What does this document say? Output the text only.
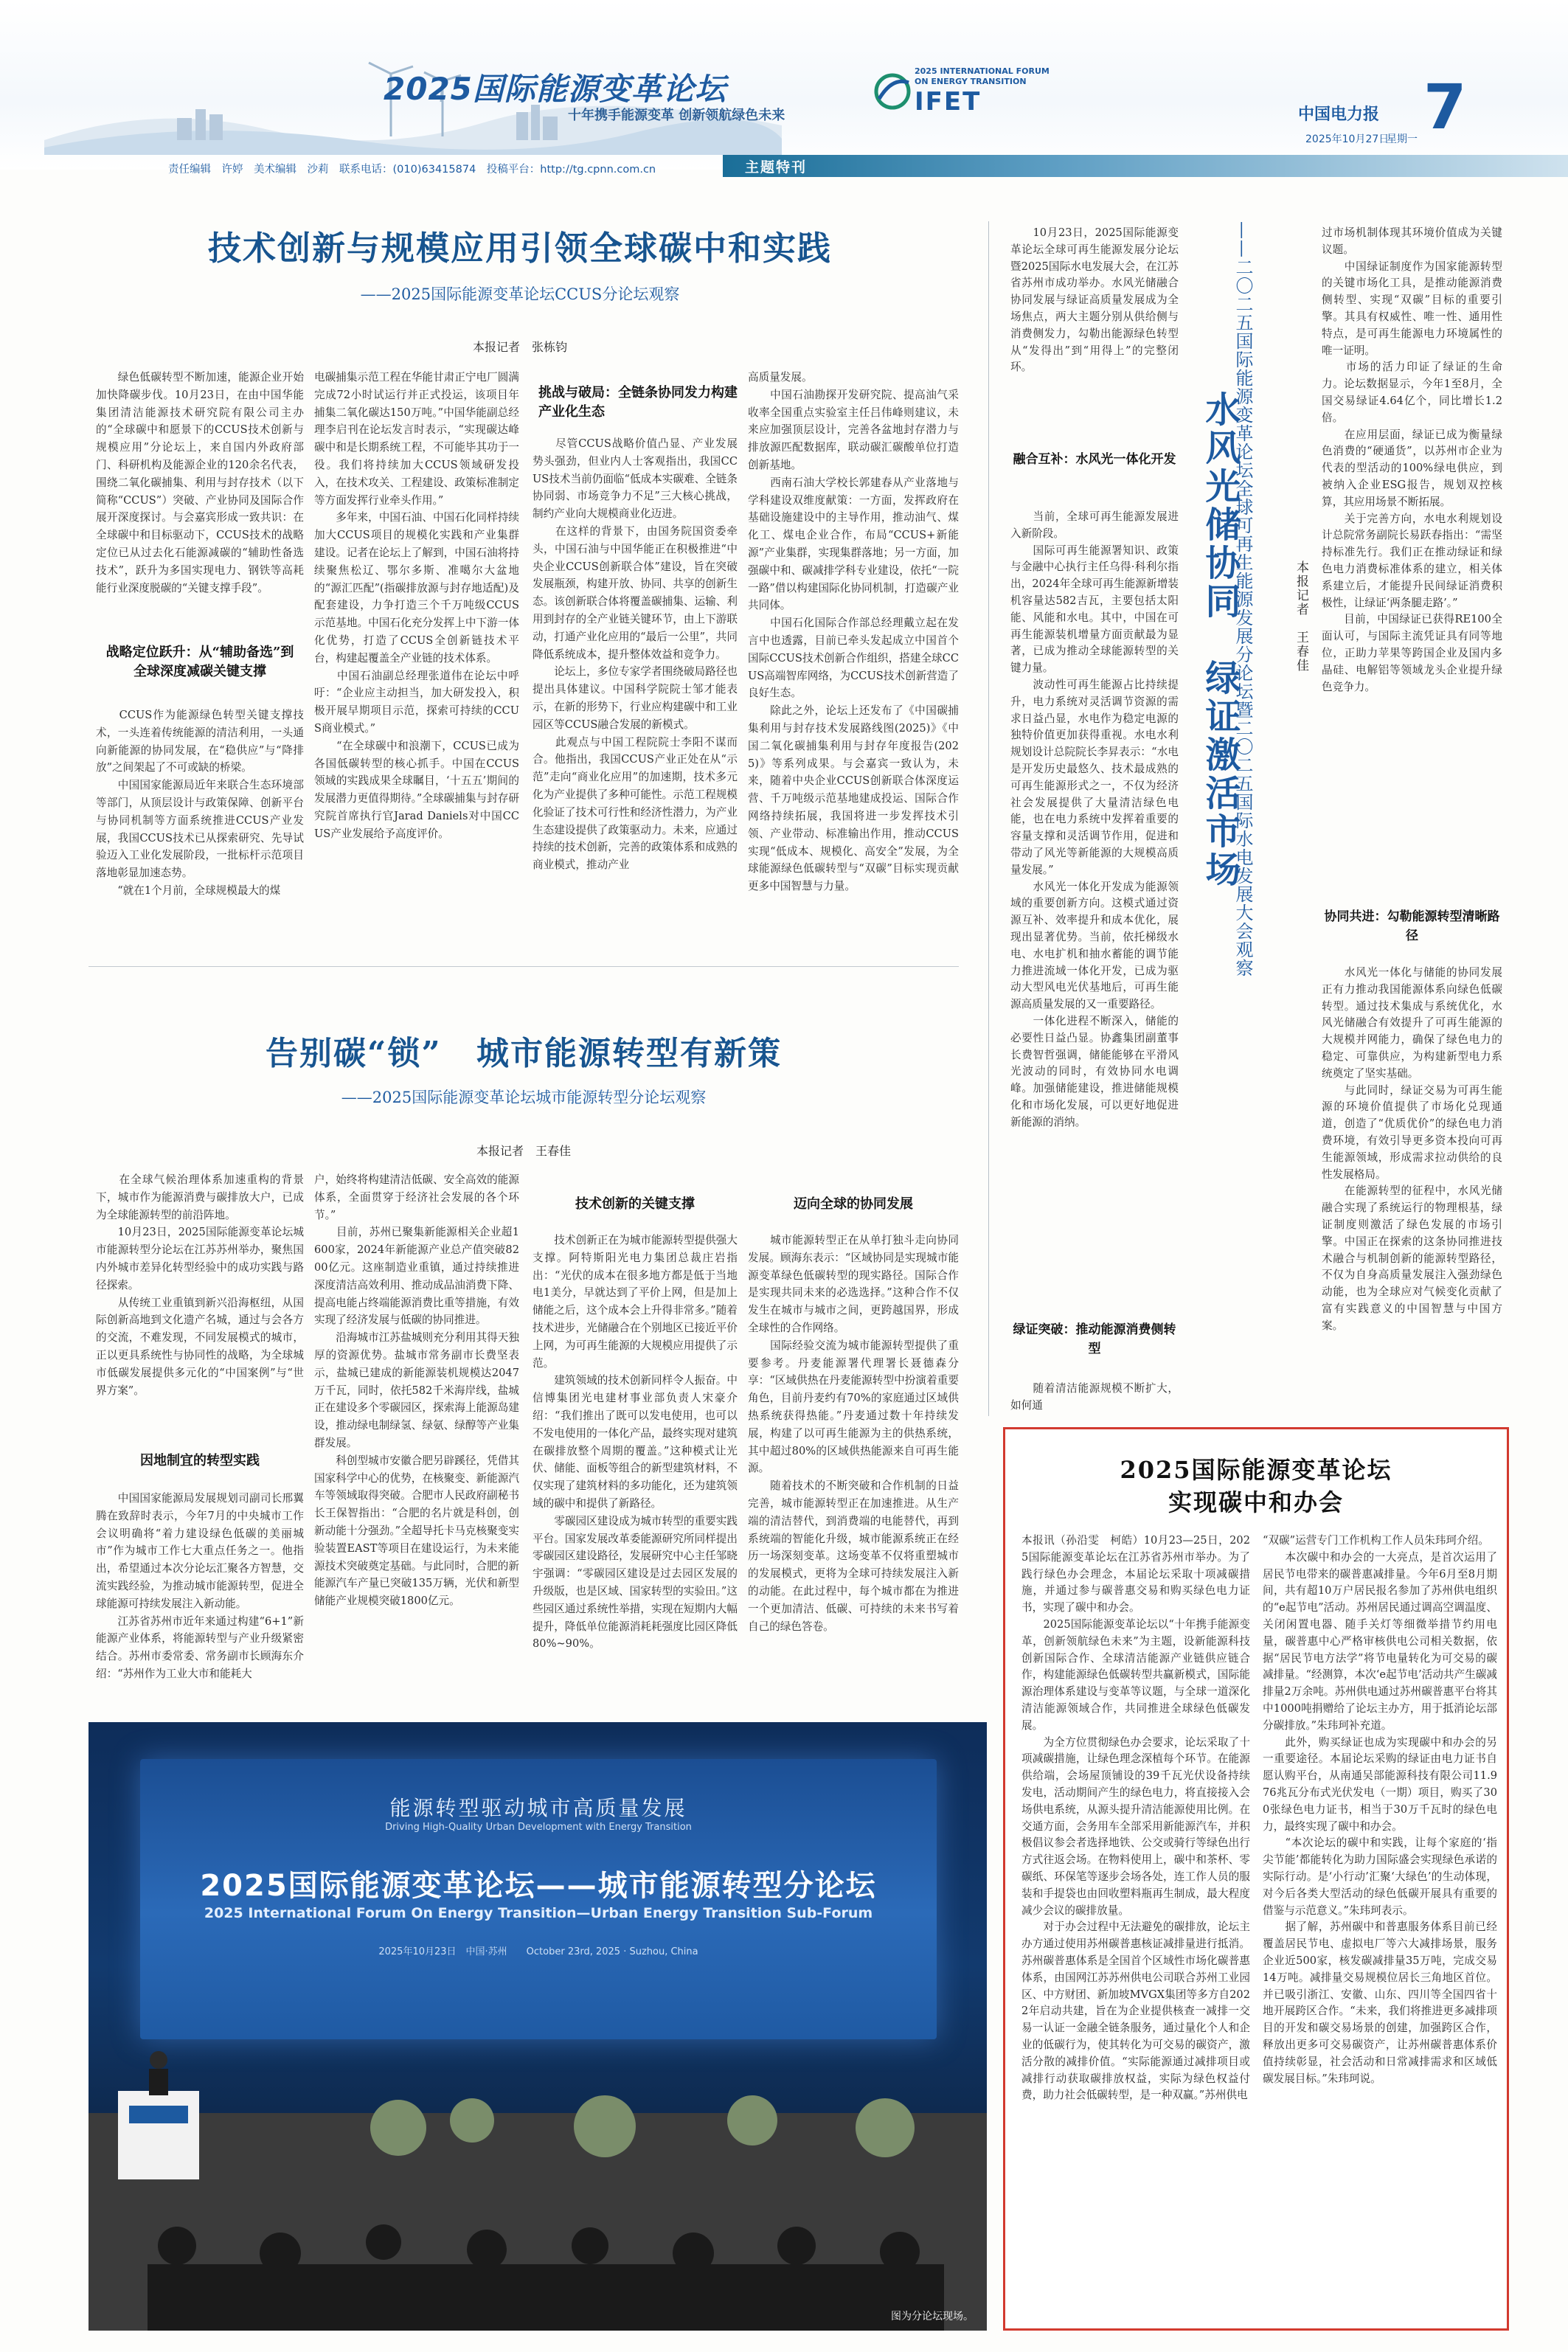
2025国际能源变革论坛
十年携手能源变革 创新领航绿色未来
2025 INTERNATIONAL FORUM
ON ENERGY TRANSITION
IFET	中国电力报 7
2025年10月27日
星期一
责任编辑　许婷　美术编辑　沙莉　联系电话：(010)63415874　投稿平台：http://tg.cpnn.com.cn	主题特刊
技术创新与规模应用引领全球碳中和实践
——2025国际能源变革论坛CCUS分论坛观察
本报记者　张栋钧
　　绿色低碳转型不断加速，能源企业开始加快降碳步伐。10月23日，在由中国华能集团清洁能源技术研究院有限公司主办的“全球碳中和愿景下的CCUS技术创新与规模应用”分论坛上，来自国内外政府部门、科研机构及能源企业的120余名代表，围绕二氧化碳捕集、利用与封存技术（以下简称“CCUS”）突破、产业协同及国际合作展开深度探讨。与会嘉宾形成一致共识：在全球碳中和目标驱动下，CCUS技术的战略定位已从过去化石能源减碳的“辅助性备选技术”，跃升为多国实现电力、钢铁等高耗能行业深度脱碳的“关键支撑手段”。
战略定位跃升：从“辅助备选”到全球深度减碳关键支撑
　　CCUS作为能源绿色转型关键支撑技术，一头连着传统能源的清洁利用，一头通向新能源的协同发展，在“稳供应”与“降排放”之间架起了不可或缺的桥梁。
　　中国国家能源局近年来联合生态环境部等部门，从顶层设计与政策保障、创新平台与协同机制等方面系统推进CCUS产业发展，我国CCUS技术已从探索研究、先导试验迈入工业化发展阶段，一批标杆示范项目落地彰显加速态势。
　　“就在1个月前，全球规模最大的煤
电碳捕集示范工程在华能甘肃正宁电厂圆满完成72小时试运行并正式投运，该项目年捕集二氧化碳达150万吨。”中国华能副总经理李启刊在论坛发言时表示，“实现碳达峰碳中和是长期系统工程，不可能毕其功于一役。我们将持续加大CCUS领域研发投入，在技术攻关、工程建设、政策标准制定等方面发挥行业牵头作用。”
　　多年来，中国石油、中国石化同样持续加大CCUS项目的规模化实践和产业集群建设。记者在论坛上了解到，中国石油将持续聚焦松辽、鄂尔多斯、准噶尔大盆地的“源汇匹配”(指碳排放源与封存地适配)及配套建设，力争打造三个千万吨级CCUS示范基地。中国石化充分发挥上中下游一体化优势，打造了CCUS全创新链技术平台，构建起覆盖全产业链的技术体系。
　　中国石油副总经理张道伟在论坛中呼吁：“企业应主动担当，加大研发投入，积极开展早期项目示范，探索可持续的CCUS商业模式。”
　　“在全球碳中和浪潮下，CCUS已成为各国低碳转型的核心抓手。中国在CCUS领域的实践成果全球瞩目，‘十五五’期间的发展潜力更值得期待。”全球碳捕集与封存研究院首席执行官Jarad Daniels对中国CCUS产业发展给予高度评价。
挑战与破局：全链条协同发力构建产业化生态
　　尽管CCUS战略价值凸显、产业发展势头强劲，但业内人士客观指出，我国CCUS技术当前仍面临“低成本实碳难、全链条协同弱、市场竞争力不足”三大核心挑战，制约产业向大规模商业化迈进。
　　在这样的背景下，由国务院国资委牵头，中国石油与中国华能正在积极推进“中央企业CCUS创新联合体”建设，旨在突破发展瓶颈，构建开放、协同、共享的创新生态。该创新联合体将覆盖碳捕集、运输、利用到封存的全产业链关键环节，由上下游联动，打通产业化应用的“最后一公里”，共同降低系统成本，提升整体效益和竞争力。
　　论坛上，多位专家学者围绕破局路径也提出具体建议。中国科学院院士邹才能表示，在新的形势下，行业应构建碳中和工业园区等CCUS融合发展的新模式。
　　此观点与中国工程院院士李阳不谋而合。他指出，我国CCUS产业正处在从“示范”走向“商业化应用”的加速期，技术多元化为产业提供了多种可能性。示范工程规模化验证了技术可行性和经济性潜力，为产业生态建设提供了政策驱动力。未来，应通过持续的技术创新，完善的政策体系和成熟的商业模式，推动产业
高质量发展。
　　中国石油勘探开发研究院、提高油气采收率全国重点实验室主任吕伟峰则建议，未来应加强顶层设计，完善各盆地封存潜力与排放源匹配数据库，联动碳汇碳酸单位打造创新基地。
　　西南石油大学校长郭建春从产业落地与学科建设双维度献策：一方面，发挥政府在基础设施建设中的主导作用，推动油气、煤化工、煤电企业合作，布局“CCUS+新能源”产业集群，实现集群落地；另一方面，加强碳中和、碳减排学科专业建设，依托“一院一路”借以构建国际化协同机制，打造碳产业共同体。
　　中国石化国际合作部总经理戴立起在发言中也透露，目前已牵头发起成立中国首个国际CCUS技术创新合作组织，搭建全球CCUS高端智库网络，为CCUS技术创新营造了良好生态。
　　除此之外，论坛上还发布了《中国碳捕集利用与封存技术发展路线图(2025)》《中国二氧化碳捕集利用与封存年度报告(2025)》等系列成果。与会嘉宾一致认为，未来，随着中央企业CCUS创新联合体深度运营、千万吨级示范基地建成投运、国际合作网络持续拓展，我国将进一步发挥技术引领、产业带动、标准输出作用，推动CCUS实现“低成本、规模化、高安全”发展，为全球能源绿色低碳转型与“双碳”目标实现贡献更多中国智慧与力量。
　　10月23日，2025国际能源变革论坛全球可再生能源发展分论坛暨2025国际水电发展大会，在江苏省苏州市成功举办。水风光储融合协同发展与绿证高质量发展成为全场焦点，两大主题分别从供给侧与消费侧发力，勾勒出能源绿色转型从“发得出”到“用得上”的完整闭环。
融合互补：水风光一体化开发
　　当前，全球可再生能源发展进入新阶段。
　　国际可再生能源署知识、政策与金融中心执行主任乌得·科利尔指出，2024年全球可再生能源新增装机容量达582吉瓦，主要包括太阳能、风能和水电。其中，中国在可再生能源装机增量方面贡献最为显著，已成为推动全球能源转型的关键力量。
　　波动性可再生能源占比持续提升，电力系统对灵活调节资源的需求日益凸显，水电作为稳定电源的独特价值更加获得重视。水电水利规划设计总院院长李昇表示：“水电是开发历史最悠久、技术最成熟的可再生能源形式之一，不仅为经济社会发展提供了大量清洁绿色电能，也在电力系统中发挥着重要的容量支撑和灵活调节作用，促进和带动了风光等新能源的大规模高质量发展。”
　　水风光一体化开发成为能源领域的重要创新方向。这模式通过资源互补、效率提升和成本优化，展现出显著优势。当前，依托梯级水电、水电扩机和抽水蓄能的调节能力推进流域一体化开发，已成为驱动大型风电光伏基地后，可再生能源高质量发展的又一重要路径。
　　一体化进程不断深入，储能的必要性日益凸显。协鑫集团副董事长费智哲强调，储能能够在平滑风光波动的同时，有效协同水电调峰。加强储能建设，推进储能规模化和市场化发展，可以更好地促进新能源的消纳。
绿证突破：推动能源消费侧转型
　　随着清洁能源规模不断扩大，如何通
——二〇二五国际能源变革论坛全球可再生能源发展分论坛暨二〇二五国际水电发展大会观察
水风光储协同　绿证激活市场	本报记者　王春佳
过市场机制体现其环境价值成为关键议题。
　　中国绿证制度作为国家能源转型的关键市场化工具，是推动能源消费侧转型、实现“双碳”目标的重要引擎。其具有权威性、唯一性、通用性特点，是可再生能源电力环境属性的唯一证明。
　　市场的活力印证了绿证的生命力。论坛数据显示，今年1至8月，全国交易绿证4.64亿个，同比增长1.2倍。
　　在应用层面，绿证已成为衡量绿色消费的“硬通货”，以苏州市企业为代表的型活动的100%绿电供应，到被纳入企业ESG报告，规划双控核算，其应用场景不断拓展。
　　关于完善方向，水电水利规划设计总院常务副院长易跃春指出：“需坚持标准先行。我们正在推动绿证和绿色电力消费标准体系的建立，相关体系建立后，才能提升民间绿证消费积极性，让绿证‘两条腿走路’。”
　　目前，中国绿证已获得RE100全面认可，与国际主流凭证具有同等地位，正助力苹果等跨国企业及国内多晶硅、电解铝等领域龙头企业提升绿色竞争力。
协同共进：勾勒能源转型清晰路径
　　水风光一体化与储能的协同发展正有力推动我国能源体系向绿色低碳转型。通过技术集成与系统优化，水风光储融合有效提升了可再生能源的大规模并网能力，确保了绿色电力的稳定、可靠供应，为构建新型电力系统奠定了坚实基础。
　　与此同时，绿证交易为可再生能源的环境价值提供了市场化兑现通道，创造了“优质优价”的绿色电力消费环境，有效引导更多资本投向可再生能源领域，形成需求拉动供给的良性发展格局。
　　在能源转型的征程中，水风光储融合实现了系统运行的物理根基，绿证制度则激活了绿色发展的市场引擎。中国正在探索的这条协同推进技术融合与机制创新的能源转型路径，不仅为自身高质量发展注入强劲绿色动能，也为全球应对气候变化贡献了富有实践意义的中国智慧与中国方案。
告别碳“锁” 城市能源转型有新策
——2025国际能源变革论坛城市能源转型分论坛观察
本报记者　王春佳
　　在全球气候治理体系加速重构的背景下，城市作为能源消费与碳排放大户，已成为全球能源转型的前沿阵地。
　　10月23日，2025国际能源变革论坛城市能源转型分论坛在江苏苏州举办，聚焦国内外城市差异化转型经验中的成功实践与路径探索。
　　从传统工业重镇到新兴沿海枢纽，从国际创新高地到文化遗产名城，通过与会各方的交流，不难发现，不同发展模式的城市，正以更具系统性与协同性的战略，为全球城市低碳发展提供多元化的“中国案例”与“世界方案”。
因地制宜的转型实践
　　中国国家能源局发展规划司副司长邢翼腾在致辞时表示，今年7月的中央城市工作会议明确将“着力建设绿色低碳的美丽城市”作为城市工作七大重点任务之一。他指出，希望通过本次分论坛汇聚各方智慧，交流实践经验，为推动城市能源转型，促进全球能源可持续发展注入新动能。
　　江苏省苏州市近年来通过构建“6+1”新能源产业体系，将能源转型与产业升级紧密结合。苏州市委常委、常务副市长顾海东介绍：“苏州作为工业大市和能耗大
户，始终将构建清洁低碳、安全高效的能源体系，全面贯穿于经济社会发展的各个环节。”
　　目前，苏州已聚集新能源相关企业超1600家，2024年新能源产业总产值突破8200亿元。这座制造业重镇，通过持续推进深度清洁高效利用、推动成品油消费下降、提高电能占终端能源消费比重等措施，有效实现了经济发展与低碳的协同推进。
　　沿海城市江苏盐城则充分利用其得天独厚的资源优势。盐城市常务副市长费坚表示，盐城已建成的新能源装机规模达2047万千瓦，同时，依托582千米海岸线，盐城正在建设多个零碳园区，探索海上能源岛建设，推动绿电制绿氢、绿氨、绿醇等产业集群发展。
　　科创型城市安徽合肥另辟蹊径，凭借其国家科学中心的优势，在核聚变、新能源汽车等领域取得突破。合肥市人民政府副秘书长王保智指出：“合肥的名片就是科创，创新动能十分强劲。”全超导托卡马克核聚变实验装置EAST等项目在建设运行，为未来能源技术突破奠定基础。与此同时，合肥的新能源汽车产量已突破135万辆，光伏和新型储能产业规模突破1800亿元。
技术创新的关键支撑
　　技术创新正在为城市能源转型提供强大支撑。阿特斯阳光电力集团总裁庄岩指出：“光伏的成本在很多地方都是低于当地电1美分，早就达到了平价上网，但是加上储能之后，这个成本会上升得非常多。”随着技术进步，光储融合在个别地区已接近平价上网，为可再生能源的大规模应用提供了示范。
　　建筑领域的技术创新同样令人振奋。中信博集团光电建材事业部负责人宋豪介绍：“我们推出了既可以发电使用，也可以不发电使用的一体化产品，最终实现对建筑在碳排放整个周期的覆盖。”这种模式让光伏、储能、面板等组合的新型建筑材料，不仅实现了建筑材料的多功能化，还为建筑领域的碳中和提供了新路径。
　　零碳园区建设成为城市转型的重要实践平台。国家发展改革委能源研究所同样提出零碳园区建设路径，发展研究中心主任邹晓宇强调：“零碳园区建设是过去园区发展的升级版，也是区域、国家转型的实验田。”这些园区通过系统性举措，实现在短期内大幅提升，降低单位能源消耗耗强度比园区降低80%~90%。
迈向全球的协同发展
　　城市能源转型正在从单打独斗走向协同发展。顾海东表示：“区域协同是实现城市能源变革绿色低碳转型的现实路径。国际合作是实现共同未来的必选选择。”这种合作不仅发生在城市与城市之间，更跨越国界，形成全球性的合作网络。
　　国际经验交流为城市能源转型提供了重要参考。丹麦能源署代理署长聂德森分享：“区域供热在丹麦能源转型中扮演着重要角色，目前丹麦约有70%的家庭通过区域供热系统获得热能。”丹麦通过数十年持续发展，构建了以可再生能源为主的供热系统，其中超过80%的区域供热能源来自可再生能源。
　　随着技术的不断突破和合作机制的日益完善，城市能源转型正在加速推进。从生产端的清洁替代，到消费端的电能替代，再到系统端的智能化升级，城市能源系统正在经历一场深刻变革。这场变革不仅将重塑城市的发展模式，更将为全球可持续发展注入新的动能。在此过程中，每个城市都在为推进一个更加清洁、低碳、可持续的未来书写着自己的绿色答卷。
能源转型驱动城市高质量发展
Driving High-Quality Urban Development with Energy Transition
2025国际能源变革论坛——城市能源转型分论坛
2025 International Forum On Energy Transition—Urban Energy Transition Sub-Forum
2025年10月23日　中国·苏州　　October 23rd, 2025 · Suzhou, China
图为分论坛现场。
2025国际能源变革论坛
实现碳中和办会
本报讯（孙沿雯　柯皓）10月23—25日，2025国际能源变革论坛在江苏省苏州市举办。为了践行绿色办会理念，本届论坛采取十项减碳措施，并通过参与碳普惠交易和购买绿色电力证书，实现了碳中和办会。
　　2025国际能源变革论坛以“十年携手能源变革，创新领航绿色未来”为主题，设新能源科技创新国际合作、全球清洁能源产业链供应链合作，构建能源绿色低碳转型共赢新模式，国际能源治理体系建设与变革等议题，与全球一道深化清洁能源领域合作，共同推进全球绿色低碳发展。
　　为全方位贯彻绿色办会要求，论坛采取了十项减碳措施，让绿色理念深植每个环节。在能源供给端，会场屋顶铺设的39千瓦光伏设备持续发电，活动期间产生的绿色电力，将直接接入会场供电系统，从源头提升清洁能源使用比例。在交通方面，会务用车全部采用新能源汽车，并积极倡议参会者选择地铁、公交或骑行等绿色出行方式往返会场。在物料使用上，碳中和茶杯、零碳纸、环保笔等逐步会场各处，连工作人员的服装和手提袋也由回收塑料瓶再生制成，最大程度减少会议的碳排放量。
　　对于办会过程中无法避免的碳排放，论坛主办方通过使用苏州碳普惠核证减排量进行抵消。苏州碳普惠体系是全国首个区域性市场化碳普惠体系，由国网江苏苏州供电公司联合苏州工业园区、中方财团、新加坡MVGX集团等多方自2022年启动共建，旨在为企业提供核查一减排一交易一认证一金融全链条服务，通过量化个人和企业的低碳行为，使其转化为可交易的碳资产，激活分散的减排价值。“实际能源通过减排项目或减排行动获取碳排放权益，实际为绿色权益付费，助力社会低碳转型，是一种双赢。”苏州供电
“双碳”运营专门工作机构工作人员朱玮珂介绍。
　　本次碳中和办会的一大亮点，是首次运用了居民节电带来的碳普惠减排量。今年6月至8月期间，共有超10万户居民报名参加了苏州供电组织的“e起节电”活动。苏州居民通过调高空调温度、关闭闲置电器、随手关灯等细微举措节约用电量，碳普惠中心严格审核供电公司相关数据，依据“居民节电方法学”将节电量转化为可交易的碳减排量。“经测算，本次‘e起节电’活动共产生碳减排量2万余吨。苏州供电通过苏州碳普惠平台将其中1000吨捐赠给了论坛主办方，用于抵消论坛部分碳排放。”朱玮珂补充道。
　　此外，购买绿证也成为实现碳中和办会的另一重要途径。本届论坛采购的绿证由电力证书自愿认购平台，从南通吴部能源科技有限公司11.976兆瓦分布式光伏发电（一期）项目，购买了300张绿色电力证书，相当于30万千瓦时的绿色电力，最终实现了碳中和办会。
　　“本次论坛的碳中和实践，让每个家庭的‘指尖节能’都能转化为助力国际盛会实现绿色承诺的实际行动。是‘小行动’汇聚‘大绿色’的生动体现，对今后各类大型活动的绿色低碳开展具有重要的借鉴与示范意义。”朱玮珂表示。
　　据了解，苏州碳中和普惠服务体系目前已经覆盖居民节电、虚拟电厂等六大减排场景，服务企业近500家，核发碳减排量35万吨，完成交易14万吨。减排量交易规模位居长三角地区首位。并已吸引浙江、安徽、山东、四川等全国四省十地开展跨区合作。“未来，我们将推进更多减排项目的开发和碳交易场景的创建，加强跨区合作，释放出更多可交易碳资产，让苏州碳普惠体系价值持续彰显，社会活动和日常减排需求和区域低碳发展目标。”朱玮珂说。
